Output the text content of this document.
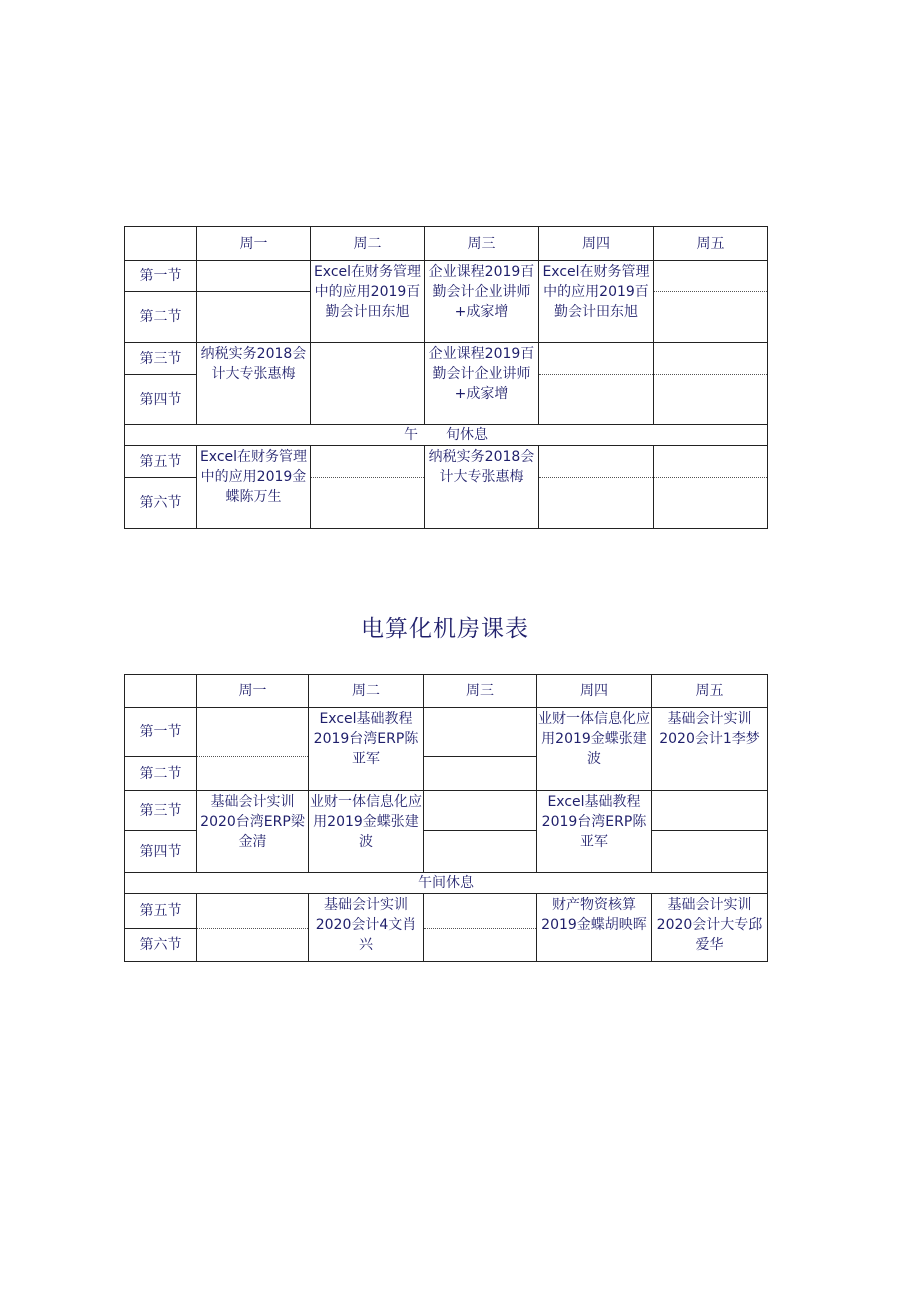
	周一	周二	周三	周四	周五
第一节		Excel在财务管理中的应用2019百勤会计田东旭	企业课程2019百勤会计企业讲师+成家增	Excel在财务管理中的应用2019百勤会计田东旭	
第二节					
第三节	纳税实务2018会计大专张惠梅		企业课程2019百勤会计企业讲师+成家增		
第四节					
午　　旬休息					
第五节	Excel在财务管理中的应用2019金蝶陈万生		纳税实务2018会计大专张惠梅		
第六节					
电算化机房课表
	周一	周二	周三	周四	周五
第一节		Excel基础教程2019台湾ERP陈亚军		业财一体信息化应用2019金蝶张建波	基础会计实训2020会计1李梦
第二节					
第三节	基础会计实训2020台湾ERP梁金清	业财一体信息化应用2019金蝶张建波		Excel基础教程2019台湾ERP陈亚军	
第四节					
午间休息					
第五节		基础会计实训2020会计4文肖兴		财产物资核算2019金蝶胡映晖	基础会计实训2020会计大专邱爱华
第六节					
